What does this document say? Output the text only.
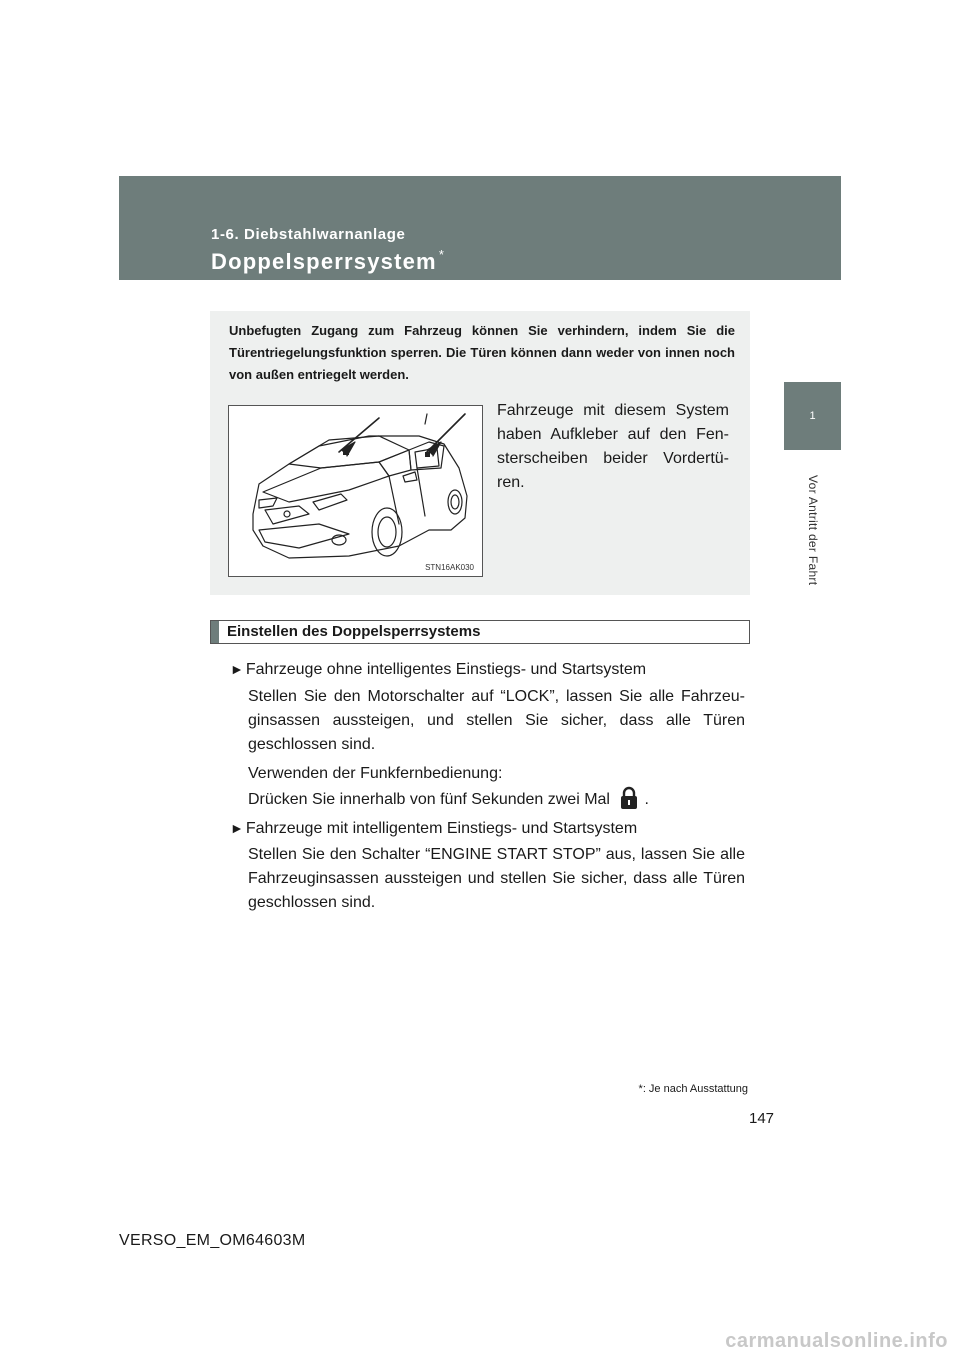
1-6. Diebstahlwarnanlage
Doppelsperrsystem *
1
Vor Antritt der Fahrt
Unbefugten Zugang zum Fahrzeug können Sie verhindern, indem Sie die Türentriegelungsfunktion sperren. Die Türen können dann weder von innen noch von außen entriegelt werden.
STN16AK030
Fahrzeuge mit diesem System haben Aufkleber auf den Fen-sterscheiben beider Vordertü-ren.
Einstellen des Doppelsperrsystems
► Fahrzeuge ohne intelligentes Einstiegs- und Startsystem
Stellen Sie den Motorschalter auf “LOCK”, lassen Sie alle Fahrzeu-ginsassen aussteigen, und stellen Sie sicher, dass alle Türen geschlossen sind.
Verwenden der Funkfernbedienung:
Drücken Sie innerhalb von fünf Sekunden zwei Mal .
► Fahrzeuge mit intelligentem Einstiegs- und Startsystem
Stellen Sie den Schalter “ENGINE START STOP” aus, lassen Sie alle Fahrzeuginsassen aussteigen und stellen Sie sicher, dass alle Türen geschlossen sind.
*: Je nach Ausstattung
147
VERSO_EM_OM64603M
carmanualsonline.info
